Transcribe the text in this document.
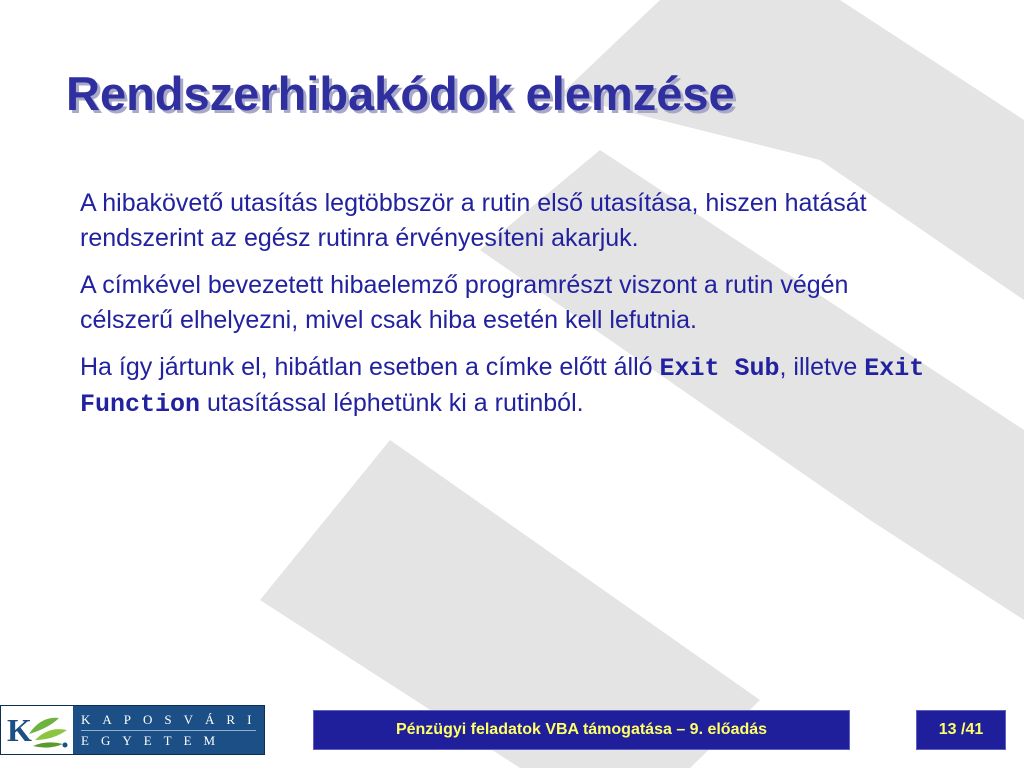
Rendszerhibakódok elemzése

A hibakövető utasítás legtöbbször a rutin első utasítása, hiszen hatását rendszerint az egész rutinra érvényesíteni akarjuk.

A címkével bevezetett hibaelemző programrészt viszont a rutin végén célszerű elhelyezni, mivel csak hiba esetén kell lefutnia.

Ha így jártunk el, hibátlan esetben a címke előtt álló Exit Sub, illetve Exit Function utasítással léphetünk ki a rutinból.

K	KAPOSVÁRI
EGYETEM
Pénzügyi feladatok VBA támogatása – 9. előadás	13 /41
